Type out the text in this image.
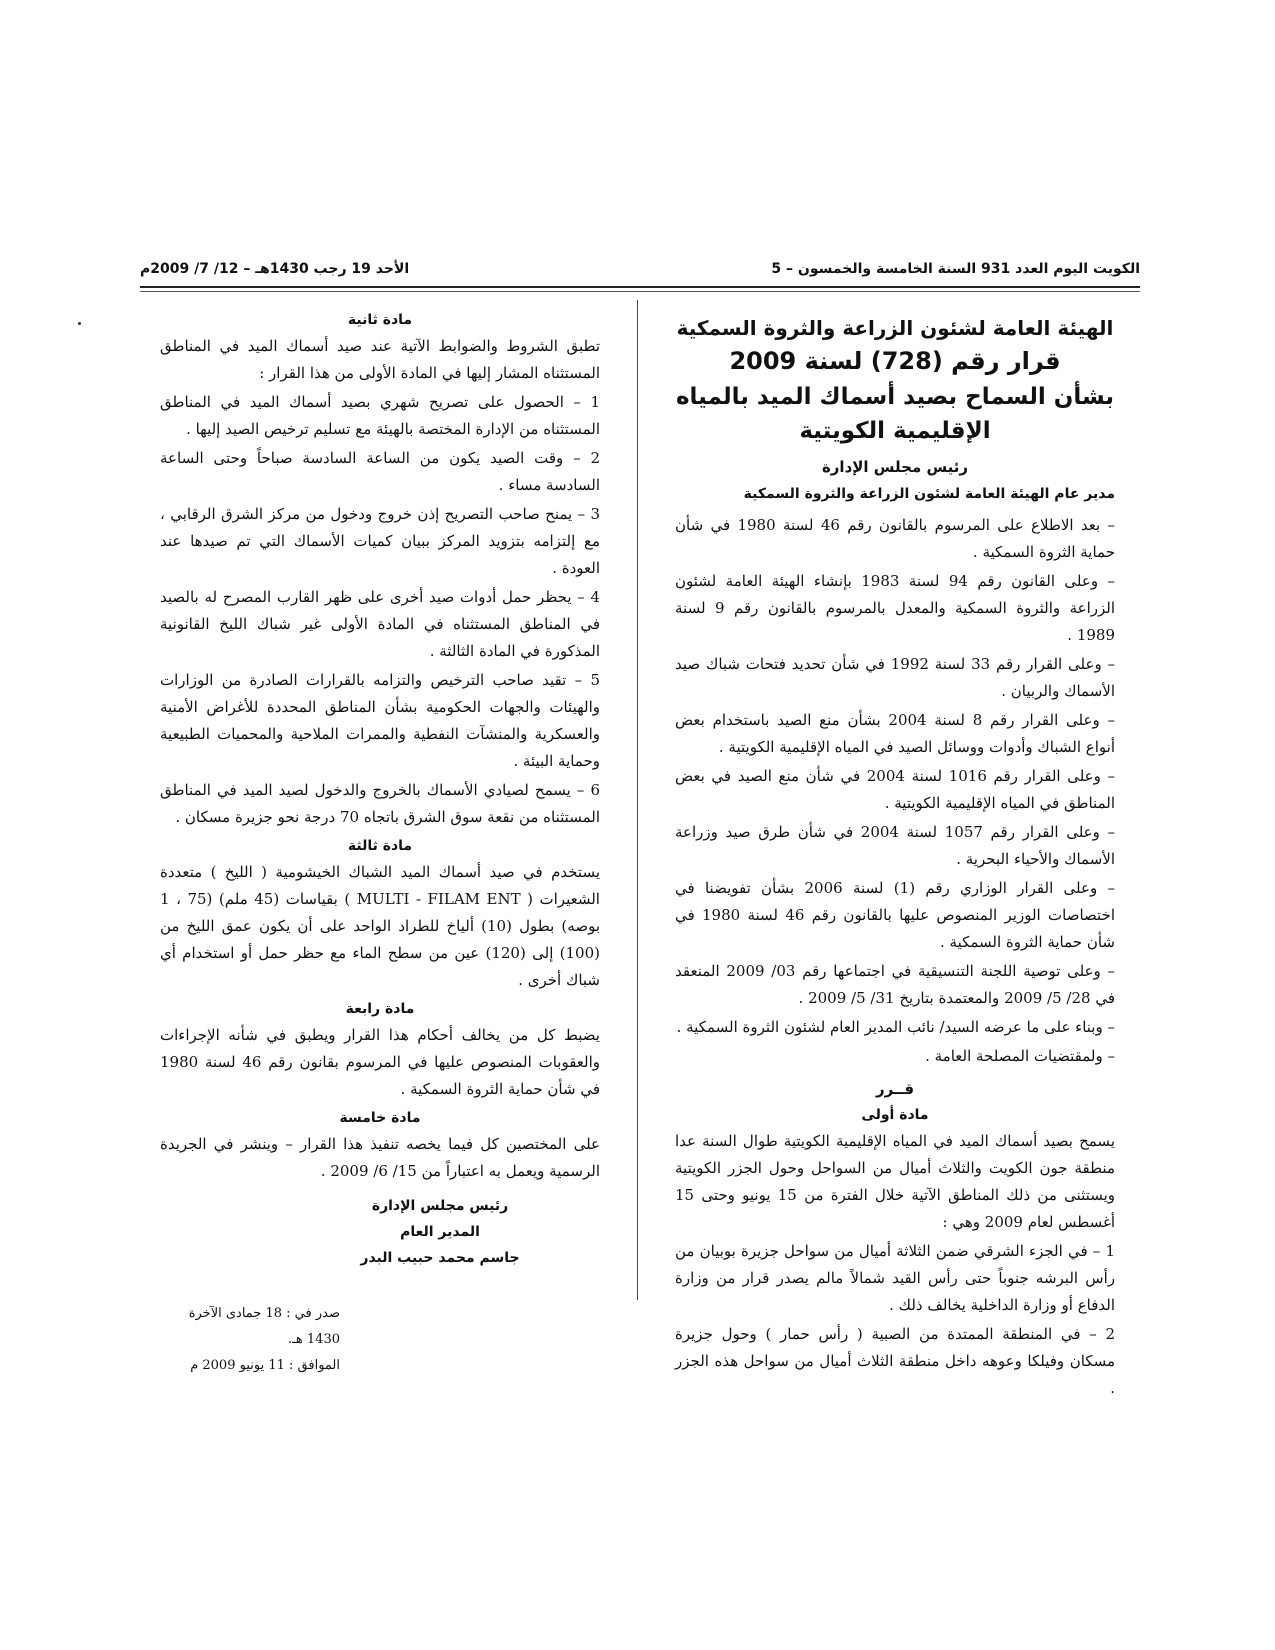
الكويت اليوم العدد 931 السنة الخامسة والخمسون – 5
الأحد 19 رجب 1430هـ – 12/ 7/ 2009م
الهيئة العامة لشئون الزراعة والثروة السمكية
قرار رقم (728) لسنة 2009
بشأن السماح بصيد أسماك الميد بالمياه الإقليمية الكويتية
رئيس مجلس الإدارة
مدير عام الهيئة العامة لشئون الزراعة والثروة السمكية

– بعد الاطلاع على المرسوم بالقانون رقم 46 لسنة 1980 في شأن حماية الثروة السمكية .

– وعلى القانون رقم 94 لسنة 1983 بإنشاء الهيئة العامة لشئون الزراعة والثروة السمكية والمعدل بالمرسوم بالقانون رقم 9 لسنة 1989 .

– وعلى القرار رقم 33 لسنة 1992 في شأن تحديد فتحات شباك صيد الأسماك والربيان .

– وعلى القرار رقم 8 لسنة 2004 بشأن منع الصيد باستخدام بعض أنواع الشباك وأدوات ووسائل الصيد في المياه الإقليمية الكويتية .

– وعلى القرار رقم 1016 لسنة 2004 في شأن منع الصيد في بعض المناطق في المياه الإقليمية الكويتية .

– وعلى القرار رقم 1057 لسنة 2004 في شأن طرق صيد وزراعة الأسماك والأحياء البحرية .

– وعلى القرار الوزاري رقم (1) لسنة 2006 بشأن تفويضنا في اختصاصات الوزير المنصوص عليها بالقانون رقم 46 لسنة 1980 في شأن حماية الثروة السمكية .

– وعلى توصية اللجنة التنسيقية في اجتماعها رقم 03/ 2009 المنعقد في 28/ 5/ 2009 والمعتمدة بتاريخ 31/ 5/ 2009 .

– وبناء على ما عرضه السيد/ نائب المدير العام لشئون الثروة السمكية .

– ولمقتضيات المصلحة العامة .

قــرر
مادة أولى

يسمح بصيد أسماك الميد في المياه الإقليمية الكويتية طوال السنة عدا منطقة جون الكويت والثلاث أميال من السواحل وحول الجزر الكويتية ويستثنى من ذلك المناطق الآتية خلال الفترة من 15 يونيو وحتى 15 أغسطس لعام 2009 وهي :

1 – في الجزء الشرقي ضمن الثلاثة أميال من سواحل جزيرة بوبيان من رأس البرشه جنوباً حتى رأس القيد شمالاً مالم يصدر قرار من وزارة الدفاع أو وزارة الداخلية يخالف ذلك .

2 – في المنطقة الممتدة من الصبية ( رأس حمار ) وحول جزيرة مسكان وفيلكا وعوهه داخل منطقة الثلاث أميال من سواحل هذه الجزر .

مادة ثانية

تطبق الشروط والضوابط الآتية عند صيد أسماك الميد في المناطق المستثناه المشار إليها في المادة الأولى من هذا القرار :

1 – الحصول على تصريح شهري بصيد أسماك الميد في المناطق المستثناه من الإدارة المختصة بالهيئة مع تسليم ترخيص الصيد إليها .

2 – وقت الصيد يكون من الساعة السادسة صباحاً وحتى الساعة السادسة مساء .

3 – يمنح صاحب التصريح إذن خروج ودخول من مركز الشرق الرقابي ، مع إلتزامه بتزويد المركز ببيان كميات الأسماك التي تم صيدها عند العودة .

4 – يحظر حمل أدوات صيد أخرى على ظهر القارب المصرح له بالصيد في المناطق المستثناه في المادة الأولى غير شباك الليخ القانونية المذكورة في المادة الثالثة .

5 – تقيد صاحب الترخيص والتزامه بالقرارات الصادرة من الوزارات والهيئات والجهات الحكومية بشأن المناطق المحددة للأغراض الأمنية والعسكرية والمنشآت النفطية والممرات الملاحية والمحميات الطبيعية وحماية البيئة .

6 – يسمح لصيادي الأسماك بالخروج والدخول لصيد الميد في المناطق المستثناه من نقعة سوق الشرق باتجاه 70 درجة نحو جزيرة مسكان .

مادة ثالثة

يستخدم في صيد أسماك الميد الشباك الخيشومية ( الليخ ) متعددة الشعيرات ( MULTI - FILAM ENT ) بقياسات (45 ملم) (75 ، 1 بوصه) بطول (10) ألياخ للطراد الواحد على أن يكون عمق الليخ من (100) إلى (120) عين من سطح الماء مع حظر حمل أو استخدام أي شباك أخرى .

مادة رابعة

يضبط كل من يخالف أحكام هذا القرار ويطبق في شأنه الإجراءات والعقوبات المنصوص عليها في المرسوم بقانون رقم 46 لسنة 1980 في شأن حماية الثروة السمكية .

مادة خامسة

على المختصين كل فيما يخصه تنفيذ هذا القرار – وينشر في الجريدة الرسمية ويعمل به اعتباراً من 15/ 6/ 2009 .

رئيس مجلس الإدارة
المدير العام
جاسم محمد حبيب البدر
صدر في : 18 جمادى الآخرة 1430 هـ.
الموافق : 11 يونيو 2009 م
